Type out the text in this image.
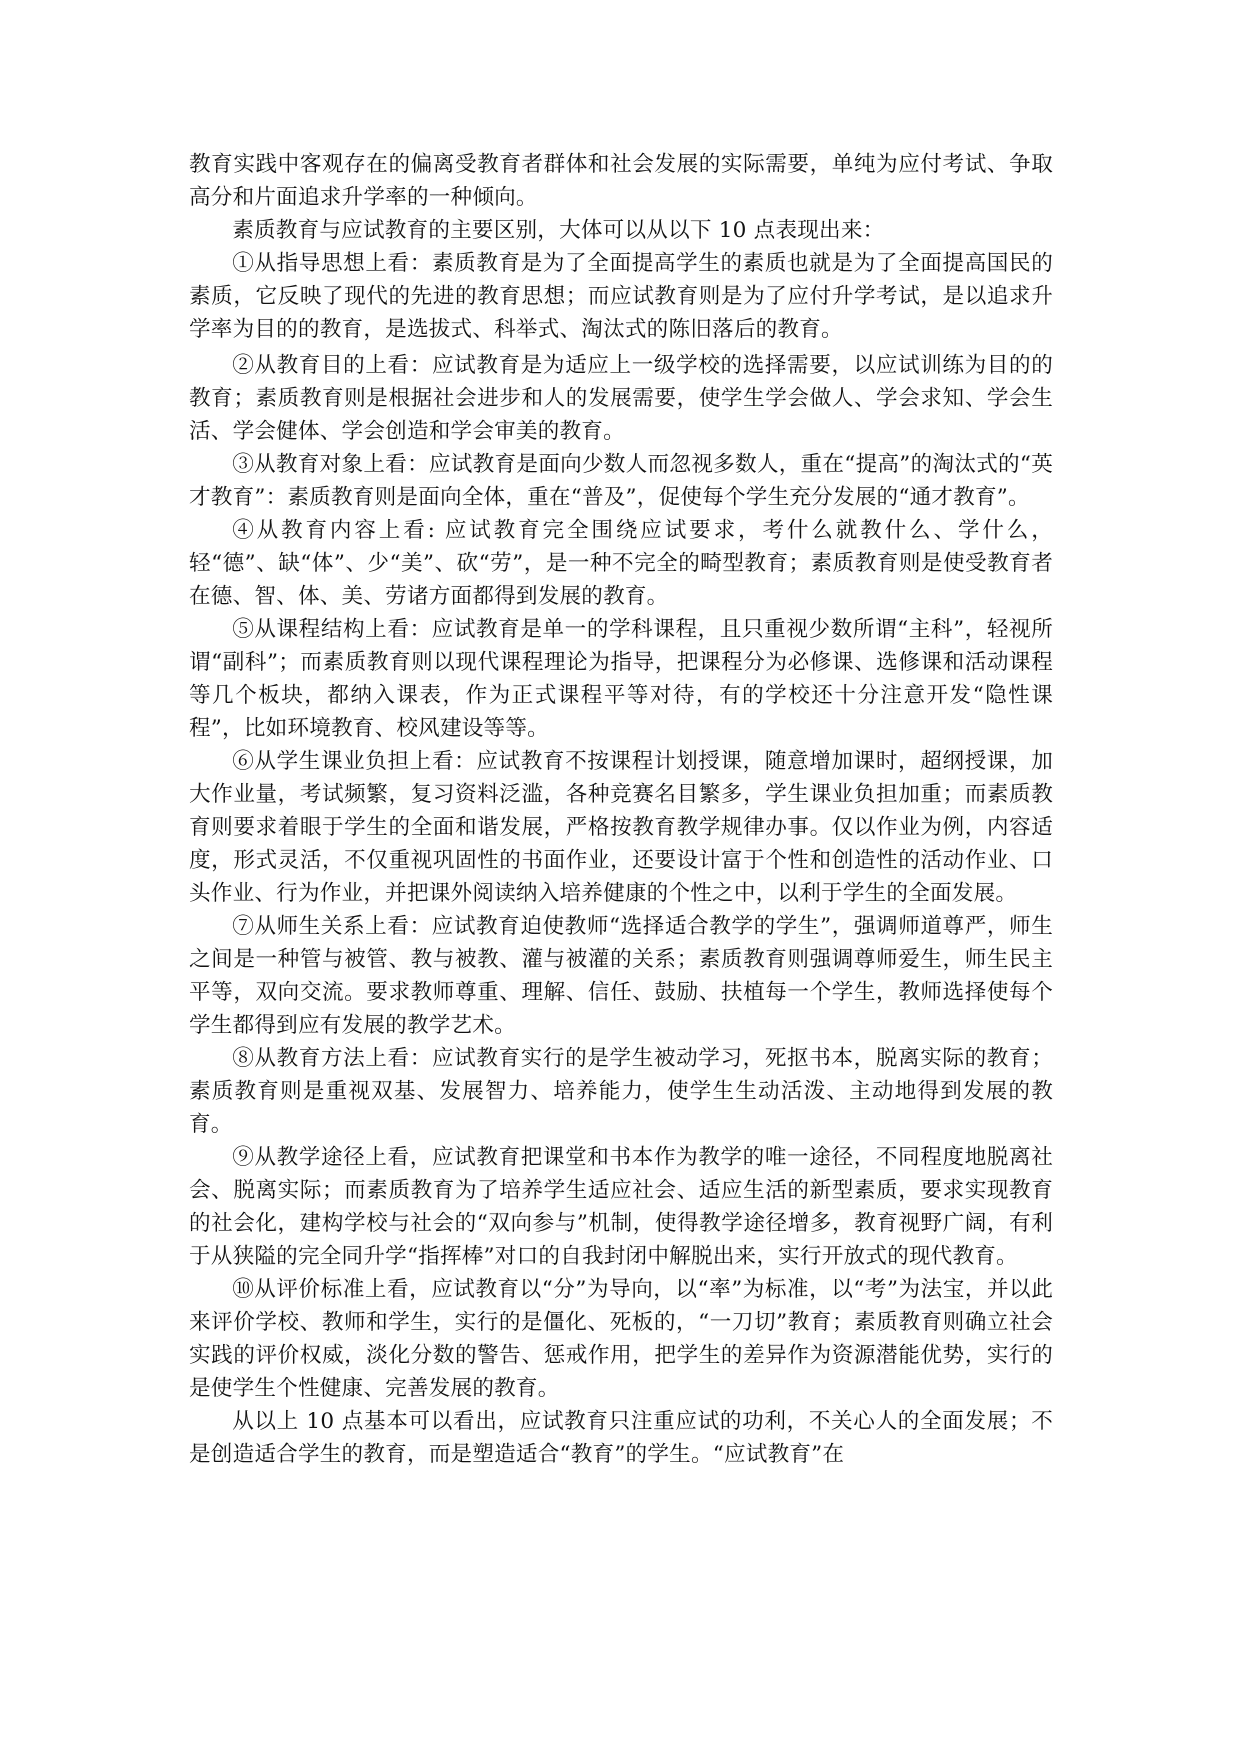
教育实践中客观存在的偏离受教育者群体和社会发展的实际需要，单纯为应付考试、争取高分和片面追求升学率的一种倾向。

素质教育与应试教育的主要区别，大体可以从以下 10 点表现出来：

①从指导思想上看：素质教育是为了全面提高学生的素质也就是为了全面提高国民的素质，它反映了现代的先进的教育思想；而应试教育则是为了应付升学考试，是以追求升学率为目的的教育，是选拔式、科举式、淘汰式的陈旧落后的教育。

②从教育目的上看：应试教育是为适应上一级学校的选择需要，以应试训练为目的的教育；素质教育则是根据社会进步和人的发展需要，使学生学会做人、学会求知、学会生活、学会健体、学会创造和学会审美的教育。

③从教育对象上看：应试教育是面向少数人而忽视多数人，重在“提高”的淘汰式的“英才教育”：素质教育则是面向全体，重在“普及”，促使每个学生充分发展的“通才教育”。

④从教育内容上看: 应试教育完全围绕应试要求，考什么就教什么、学什么，轻“德”、缺“体”、少“美”、砍“劳”，是一种不完全的畸型教育；素质教育则是使受教育者在德、智、体、美、劳诸方面都得到发展的教育。

⑤从课程结构上看：应试教育是单一的学科课程，且只重视少数所谓“主科”，轻视所谓“副科”；而素质教育则以现代课程理论为指导，把课程分为必修课、选修课和活动课程等几个板块，都纳入课表，作为正式课程平等对待，有的学校还十分注意开发“隐性课程”，比如环境教育、校风建设等等。

⑥从学生课业负担上看：应试教育不按课程计划授课，随意增加课时，超纲授课，加大作业量，考试频繁，复习资料泛滥，各种竞赛名目繁多，学生课业负担加重；而素质教育则要求着眼于学生的全面和谐发展，严格按教育教学规律办事。仅以作业为例，内容适度，形式灵活，不仅重视巩固性的书面作业，还要设计富于个性和创造性的活动作业、口头作业、行为作业，并把课外阅读纳入培养健康的个性之中，以利于学生的全面发展。

⑦从师生关系上看：应试教育迫使教师“选择适合教学的学生”，强调师道尊严，师生之间是一种管与被管、教与被教、灌与被灌的关系；素质教育则强调尊师爱生，师生民主平等，双向交流。要求教师尊重、理解、信任、鼓励、扶植每一个学生，教师选择使每个学生都得到应有发展的教学艺术。

⑧从教育方法上看：应试教育实行的是学生被动学习，死抠书本，脱离实际的教育；素质教育则是重视双基、发展智力、培养能力，使学生生动活泼、主动地得到发展的教育。

⑨从教学途径上看，应试教育把课堂和书本作为教学的唯一途径，不同程度地脱离社会、脱离实际；而素质教育为了培养学生适应社会、适应生活的新型素质，要求实现教育的社会化，建构学校与社会的“双向参与”机制，使得教学途径增多，教育视野广阔，有利于从狭隘的完全同升学“指挥棒”对口的自我封闭中解脱出来，实行开放式的现代教育。

⑩从评价标准上看，应试教育以“分”为导向，以“率”为标准，以“考”为法宝，并以此来评价学校、教师和学生，实行的是僵化、死板的，“一刀切”教育；素质教育则确立社会实践的评价权威，淡化分数的警告、惩戒作用，把学生的差异作为资源潜能优势，实行的是使学生个性健康、完善发展的教育。

从以上 10 点基本可以看出，应试教育只注重应试的功利，不关心人的全面发展；不是创造适合学生的教育，而是塑造适合“教育”的学生。“应试教育”在
